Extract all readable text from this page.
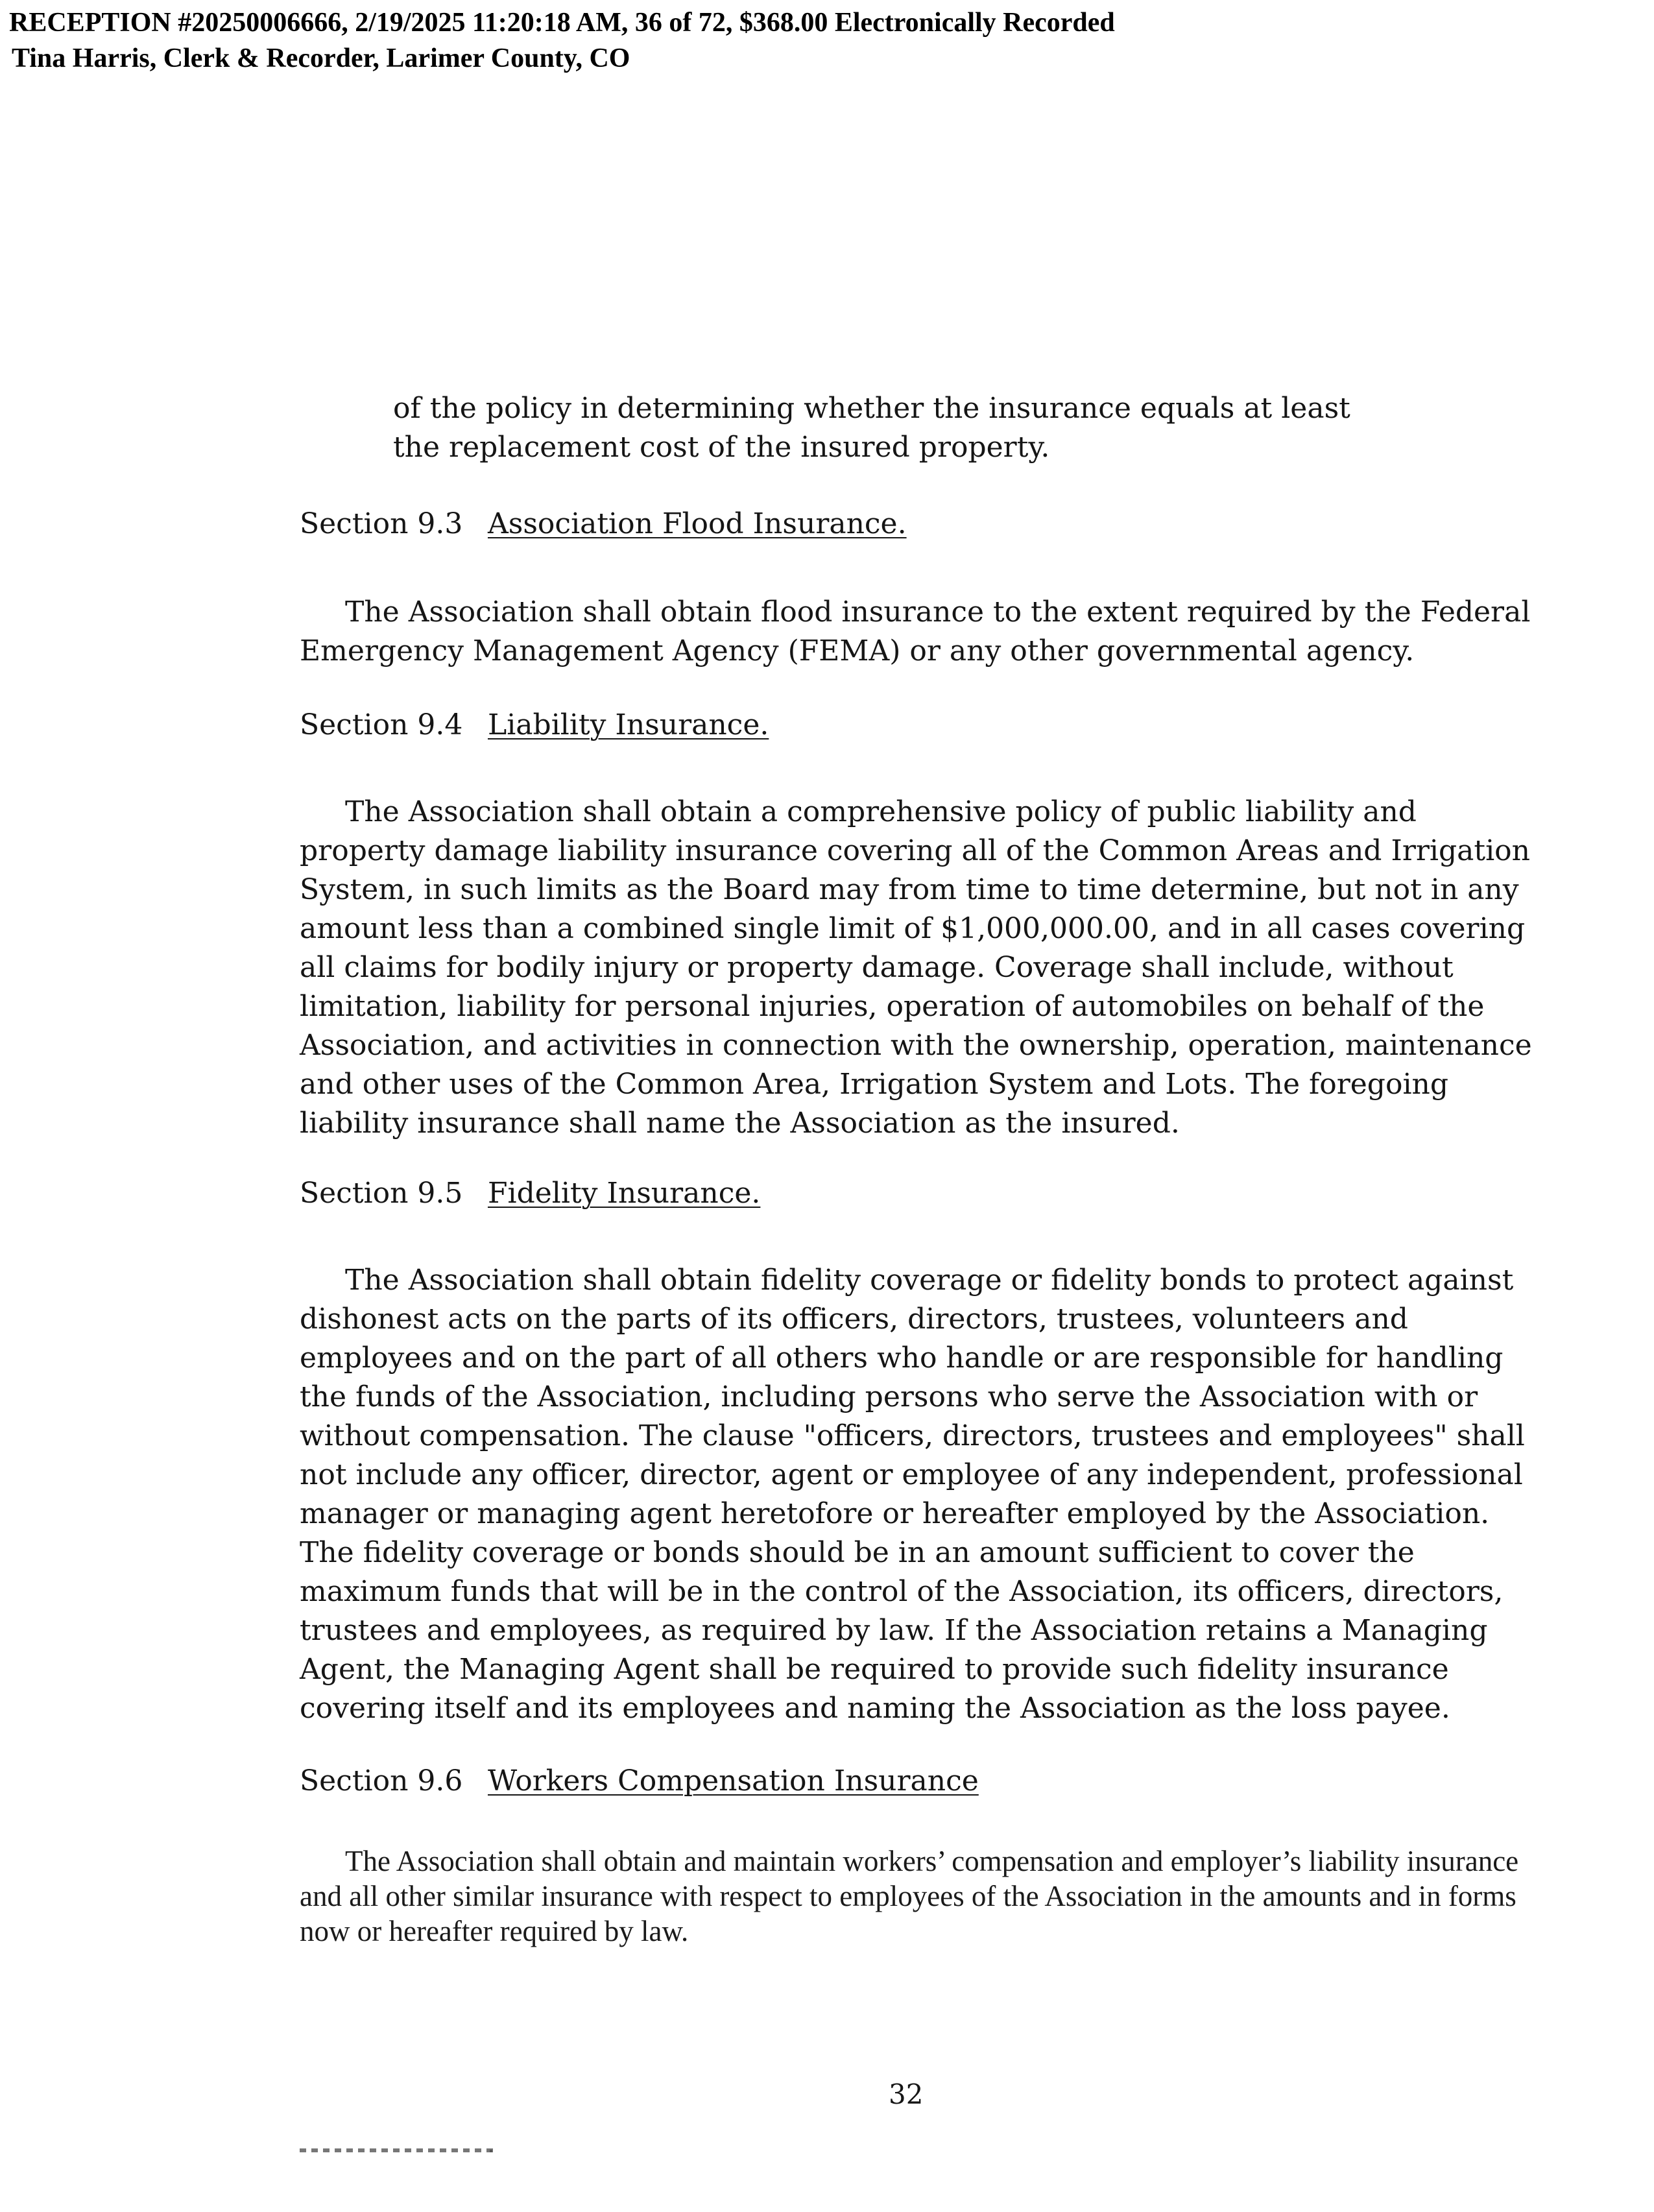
RECEPTION #20250006666, 2/19/2025 11:20:18 AM, 36 of 72, $368.00 Electronically Recorded
Tina Harris, Clerk & Recorder, Larimer County, CO

of the policy in determining whether the insurance equals at least the replacement cost of the insured property.

Section 9.3 Association Flood Insurance.

The Association shall obtain flood insurance to the extent required by the Federal Emergency Management Agency (FEMA) or any other governmental agency.

Section 9.4 Liability Insurance.

The Association shall obtain a comprehensive policy of public liability and property damage liability insurance covering all of the Common Areas and Irrigation System, in such limits as the Board may from time to time determine, but not in any amount less than a combined single limit of $1,000,000.00, and in all cases covering all claims for bodily injury or property damage. Coverage shall include, without limitation, liability for personal injuries, operation of automobiles on behalf of the Association, and activities in connection with the ownership, operation, maintenance and other uses of the Common Area, Irrigation System and Lots. The foregoing liability insurance shall name the Association as the insured.

Section 9.5 Fidelity Insurance.

The Association shall obtain fidelity coverage or fidelity bonds to protect against dishonest acts on the parts of its officers, directors, trustees, volunteers and employees and on the part of all others who handle or are responsible for handling the funds of the Association, including persons who serve the Association with or without compensation. The clause "officers, directors, trustees and employees" shall not include any officer, director, agent or employee of any independent, professional manager or managing agent heretofore or hereafter employed by the Association. The fidelity coverage or bonds should be in an amount sufficient to cover the maximum funds that will be in the control of the Association, its officers, directors, trustees and employees, as required by law. If the Association retains a Managing Agent, the Managing Agent shall be required to provide such fidelity insurance covering itself and its employees and naming the Association as the loss payee.

Section 9.6 Workers Compensation Insurance

The Association shall obtain and maintain workers’ compensation and employer’s liability insurance and all other similar insurance with respect to employees of the Association in the amounts and in forms now or hereafter required by law.

32
